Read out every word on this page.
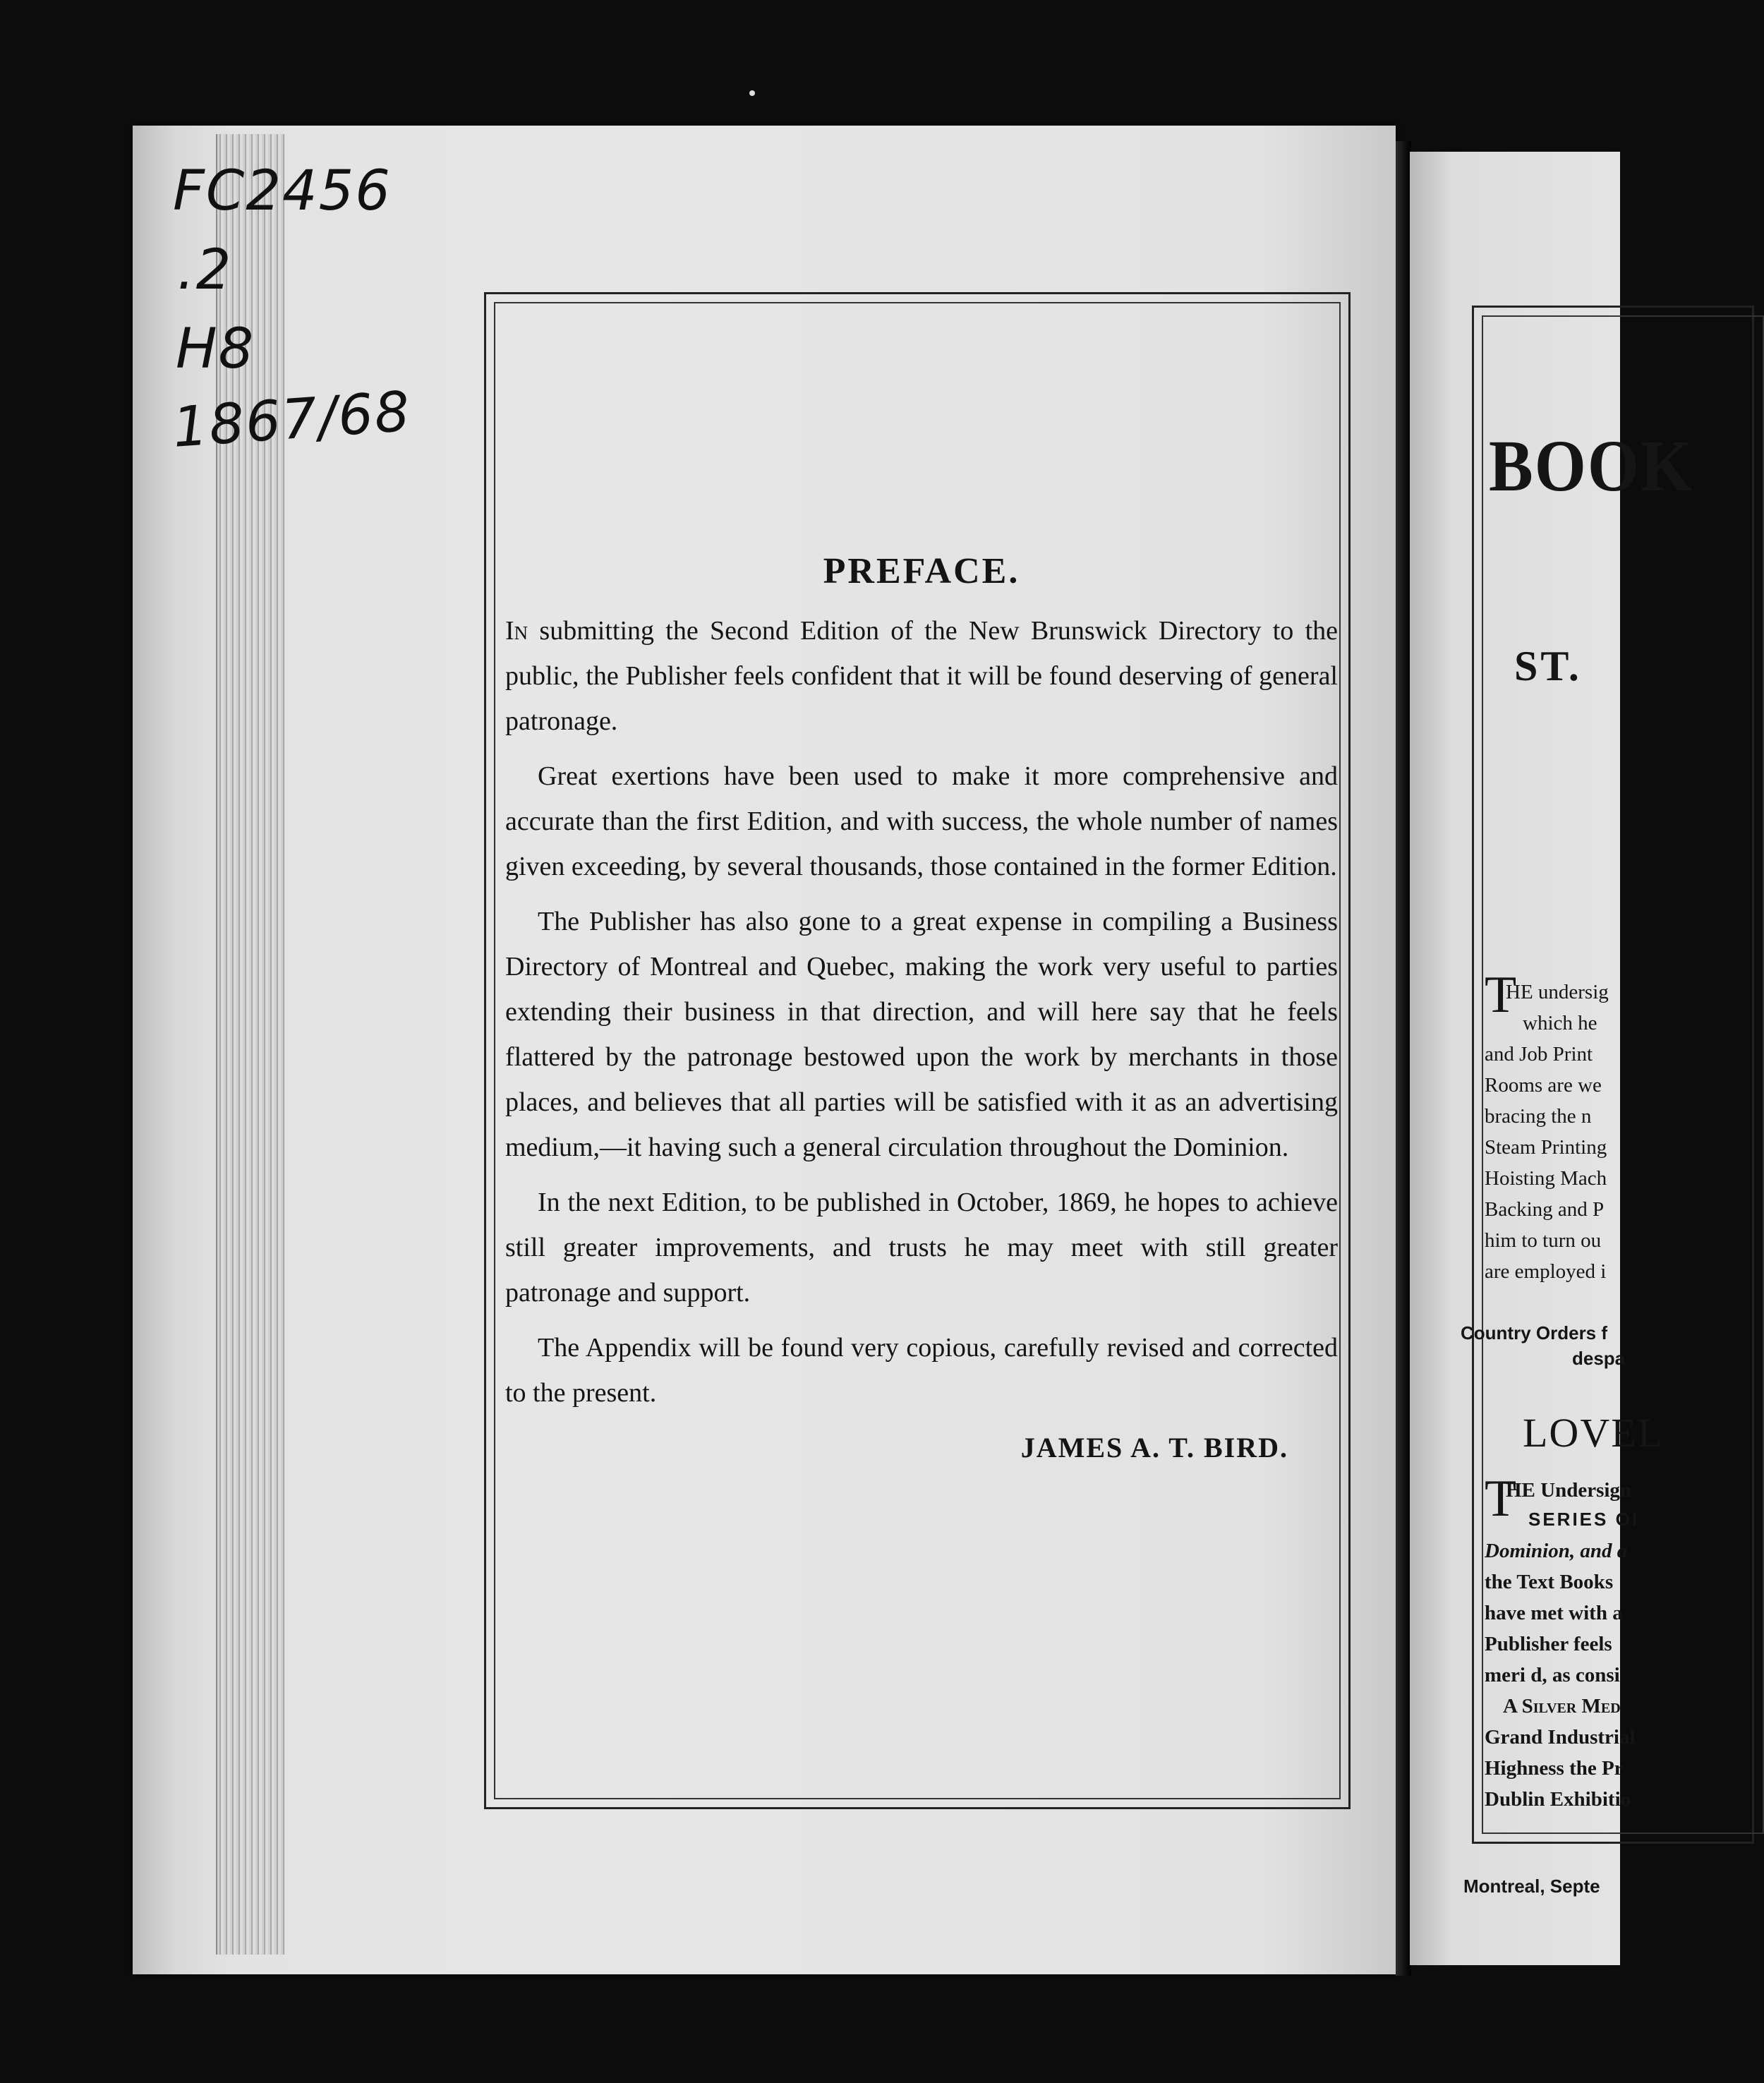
FC2456
.2
H8
1867/68
PREFACE.

In submitting the Second Edition of the New Brunswick Directory to the public, the Publisher feels confident that it will be found deserving of general patronage.

Great exertions have been used to make it more comprehensive and accurate than the first Edition, and with success, the whole number of names given exceeding, by several thousands, those contained in the former Edition.

The Publisher has also gone to a great expense in compiling a Business Directory of Montreal and Quebec, making the work very useful to parties extending their business in that direction, and will here say that he feels flattered by the patronage bestowed upon the work by merchants in those places, and believes that all parties will be satisfied with it as an advertising medium,—it having such a general circulation throughout the Dominion.

In the next Edition, to be published in October, 1869, he hopes to achieve still greater improvements, and trusts he may meet with still greater patronage and support.

The Appendix will be found very copious, carefully revised and corrected to the present.

JAMES A. T. BIRD.
BOOK
ST.
T
HE undersig
which he
and Job Print
Rooms are we
bracing the n
Steam Printing
Hoisting Mach
Backing and P
him to turn ou
are employed i
Country Orders f
despa
LOVEL
T
HE Undersign
SERIES OI
Dominion, and a
the Text Books
have met with a
Publisher feels
meri d, as consi
A Silver Med
Grand Industrial
Highness the Pr
Dublin Exhibitio
Montreal, Septe
